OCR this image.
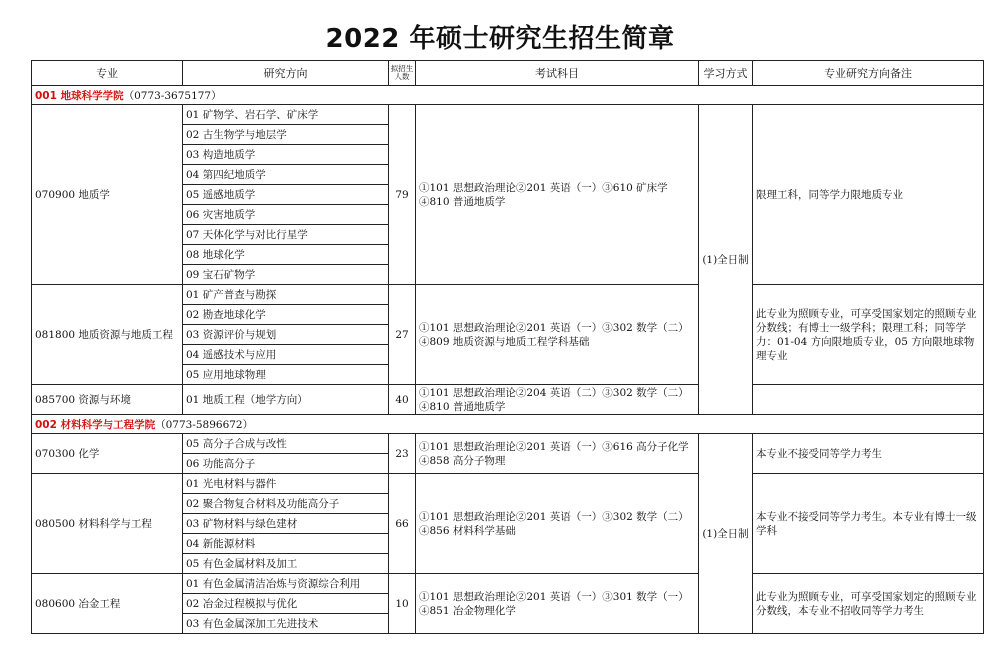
2022 年硕士研究生招生简章
专业	研究方向	拟招生人数	考试科目	学习方式	专业研究方向备注
001 地球科学学院（0773-3675177）					
070900 地质学	01 矿物学、岩石学、矿床学	79	①101 思想政治理论②201 英语（一）③610 矿床学④810 普通地质学	(1)全日制	限理工科，同等学力限地质专业
	02 古生物学与地层学				
	03 构造地质学				
	04 第四纪地质学				
	05 遥感地质学				
	06 灾害地质学				
	07 天体化学与对比行星学				
	08 地球化学				
	09 宝石矿物学				
081800 地质资源与地质工程	01 矿产普查与勘探	27	①101 思想政治理论②201 英语（一）③302 数学（二）④809 地质资源与地质工程学科基础		此专业为照顾专业，可享受国家划定的照顾专业分数线；有博士一级学科；限理工科；同等学力：01-04 方向限地质专业，05 方向限地球物理专业
	02 勘查地球化学				
	03 资源评价与规划				
	04 遥感技术与应用				
	05 应用地球物理				
085700 资源与环境	01 地质工程（地学方向）	40	①101 思想政治理论②204 英语（二）③302 数学（二）④810 普通地质学		
002 材料科学与工程学院（0773-5896672）					
070300 化学	05 高分子合成与改性	23	①101 思想政治理论②201 英语（一）③616 高分子化学④858 高分子物理	(1)全日制	本专业不接受同等学力考生
	06 功能高分子				
080500 材料科学与工程	01 光电材料与器件	66	①101 思想政治理论②201 英语（一）③302 数学（二）④856 材料科学基础		本专业不接受同等学力考生。本专业有博士一级学科
	02 聚合物复合材料及功能高分子				
	03 矿物材料与绿色建材				
	04 新能源材料				
	05 有色金属材料及加工				
080600 冶金工程	01 有色金属清洁冶炼与资源综合利用	10	①101 思想政治理论②201 英语（一）③301 数学（一）④851 冶金物理化学		此专业为照顾专业，可享受国家划定的照顾专业分数线，本专业不招收同等学力考生
	02 冶金过程模拟与优化				
	03 有色金属深加工先进技术				
